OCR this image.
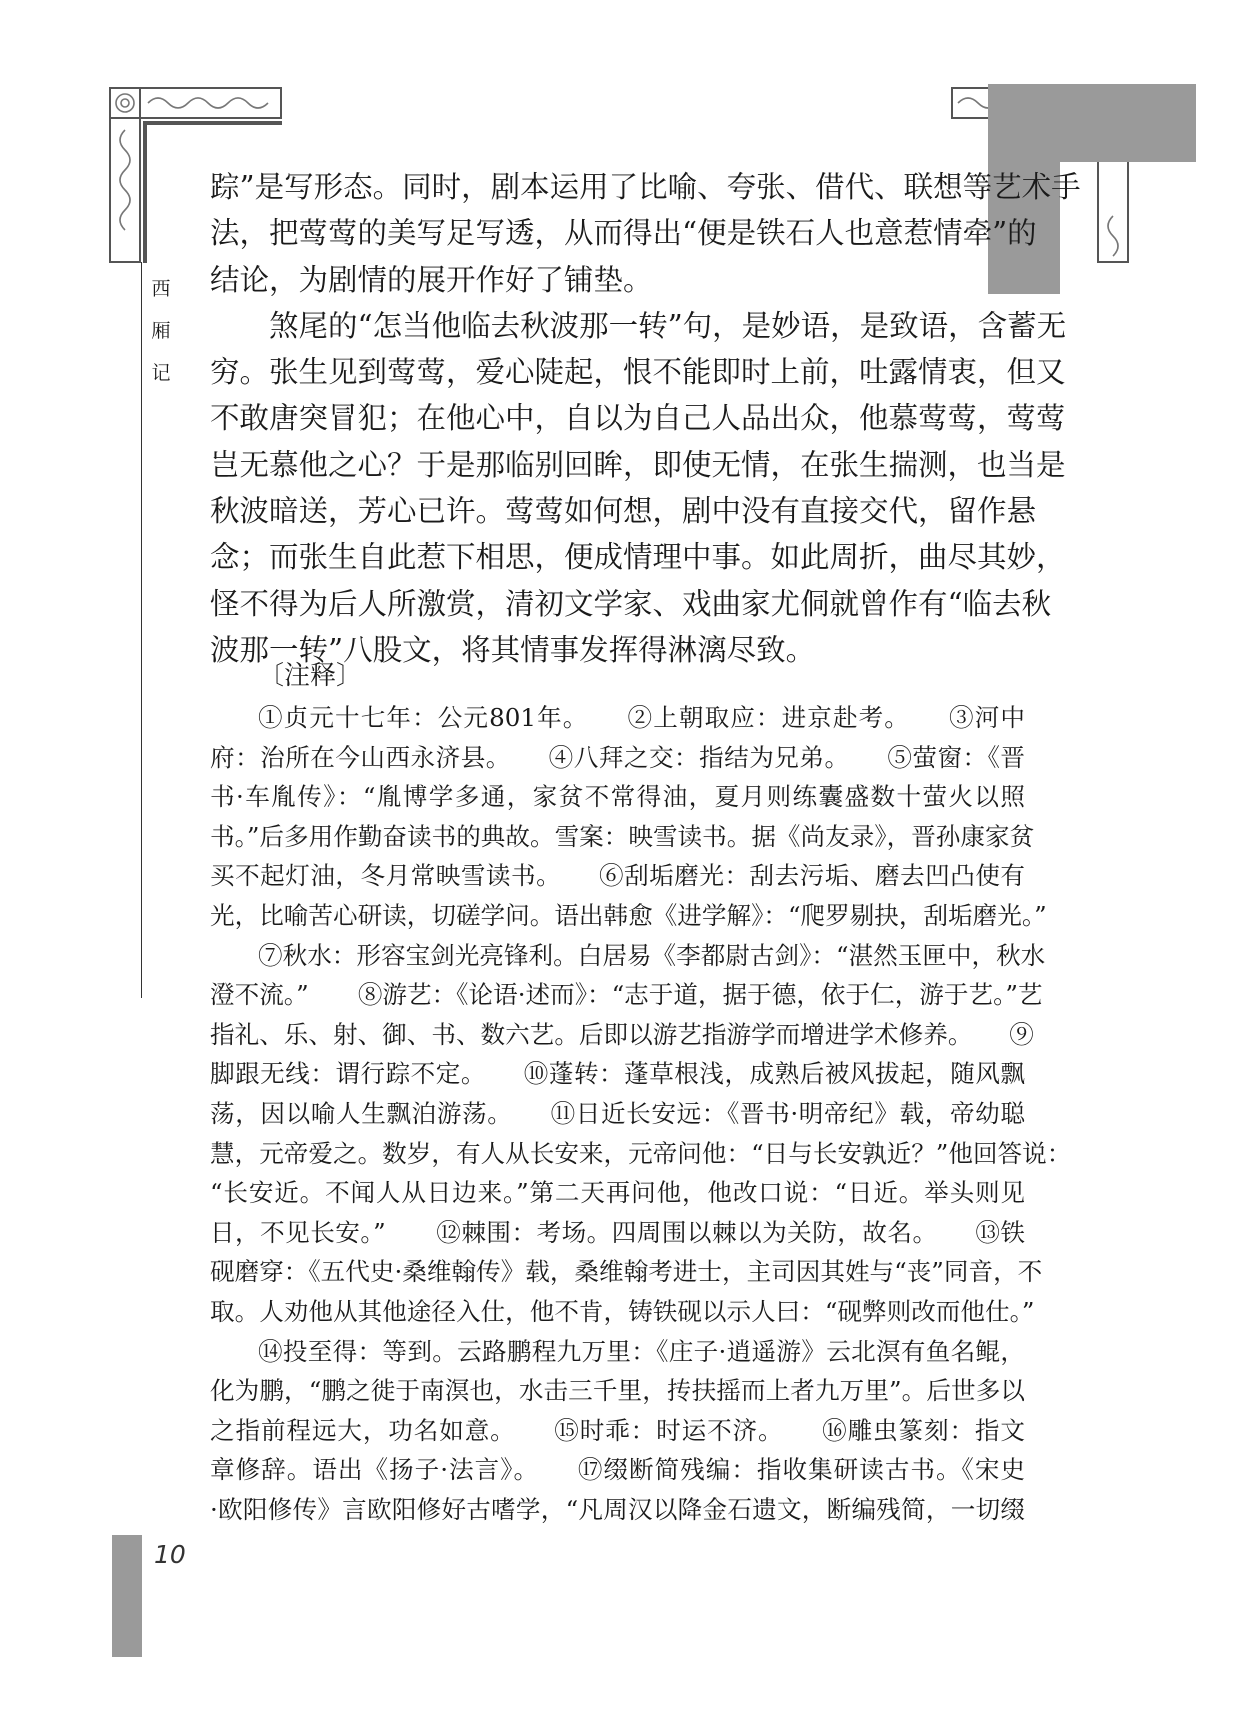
西
厢
记

踪”是写形态。同时，剧本运用了比喻、夸张、借代、联想等艺术手
法，把莺莺的美写足写透，从而得出“便是铁石人也意惹情牵”的
结论，为剧情的展开作好了铺垫。

　　煞尾的“怎当他临去秋波那一转”句，是妙语，是致语，含蓄无
穷。张生见到莺莺，爱心陡起，恨不能即时上前，吐露情衷，但又
不敢唐突冒犯；在他心中，自以为自己人品出众，他慕莺莺，莺莺
岂无慕他之心？于是那临别回眸，即使无情，在张生揣测，也当是
秋波暗送，芳心已许。莺莺如何想，剧中没有直接交代，留作悬
念；而张生自此惹下相思，便成情理中事。如此周折，曲尽其妙，
怪不得为后人所激赏，清初文学家、戏曲家尤侗就曾作有“临去秋
波那一转”八股文，将其情事发挥得淋漓尽致。

〔注释〕
①贞元十七年：公元801年。　　②上朝取应：进京赴考。　　③河中
府：治所在今山西永济县。　　④八拜之交：指结为兄弟。　　⑤萤窗：《晋
书·车胤传》：“胤博学多通，家贫不常得油，夏月则练囊盛数十萤火以照
书。”后多用作勤奋读书的典故。雪案：映雪读书。据《尚友录》，晋孙康家贫
买不起灯油，冬月常映雪读书。　　⑥刮垢磨光：刮去污垢、磨去凹凸使有
光，比喻苦心研读，切磋学问。语出韩愈《进学解》：“爬罗剔抉，刮垢磨光。”
⑦秋水：形容宝剑光亮锋利。白居易《李都尉古剑》：“湛然玉匣中，秋水
澄不流。”　　⑧游艺：《论语·述而》：“志于道，据于德，依于仁，游于艺。”艺
指礼、乐、射、御、书、数六艺。后即以游艺指游学而增进学术修养。　　⑨
脚跟无线：谓行踪不定。　　⑩蓬转：蓬草根浅，成熟后被风拔起，随风飘
荡，因以喻人生飘泊游荡。　　⑪日近长安远：《晋书·明帝纪》载，帝幼聪
慧，元帝爱之。数岁，有人从长安来，元帝问他：“日与长安孰近？”他回答说：
“长安近。不闻人从日边来。”第二天再问他，他改口说：“日近。举头则见
日，不见长安。”　　⑫棘围：考场。四周围以棘以为关防，故名。　　⑬铁
砚磨穿：《五代史·桑维翰传》载，桑维翰考进士，主司因其姓与“丧”同音，不
取。人劝他从其他途径入仕，他不肯，铸铁砚以示人曰：“砚弊则改而他仕。”
⑭投至得：等到。云路鹏程九万里：《庄子·逍遥游》云北溟有鱼名鲲，
化为鹏，“鹏之徙于南溟也，水击三千里，抟扶摇而上者九万里”。后世多以
之指前程远大，功名如意。　　⑮时乖：时运不济。　　⑯雕虫篆刻：指文
章修辞。语出《扬子·法言》。　　⑰缀断简残编：指收集研读古书。《宋史
·欧阳修传》言欧阳修好古嗜学，“凡周汉以降金石遗文，断编残简，一切缀
10
